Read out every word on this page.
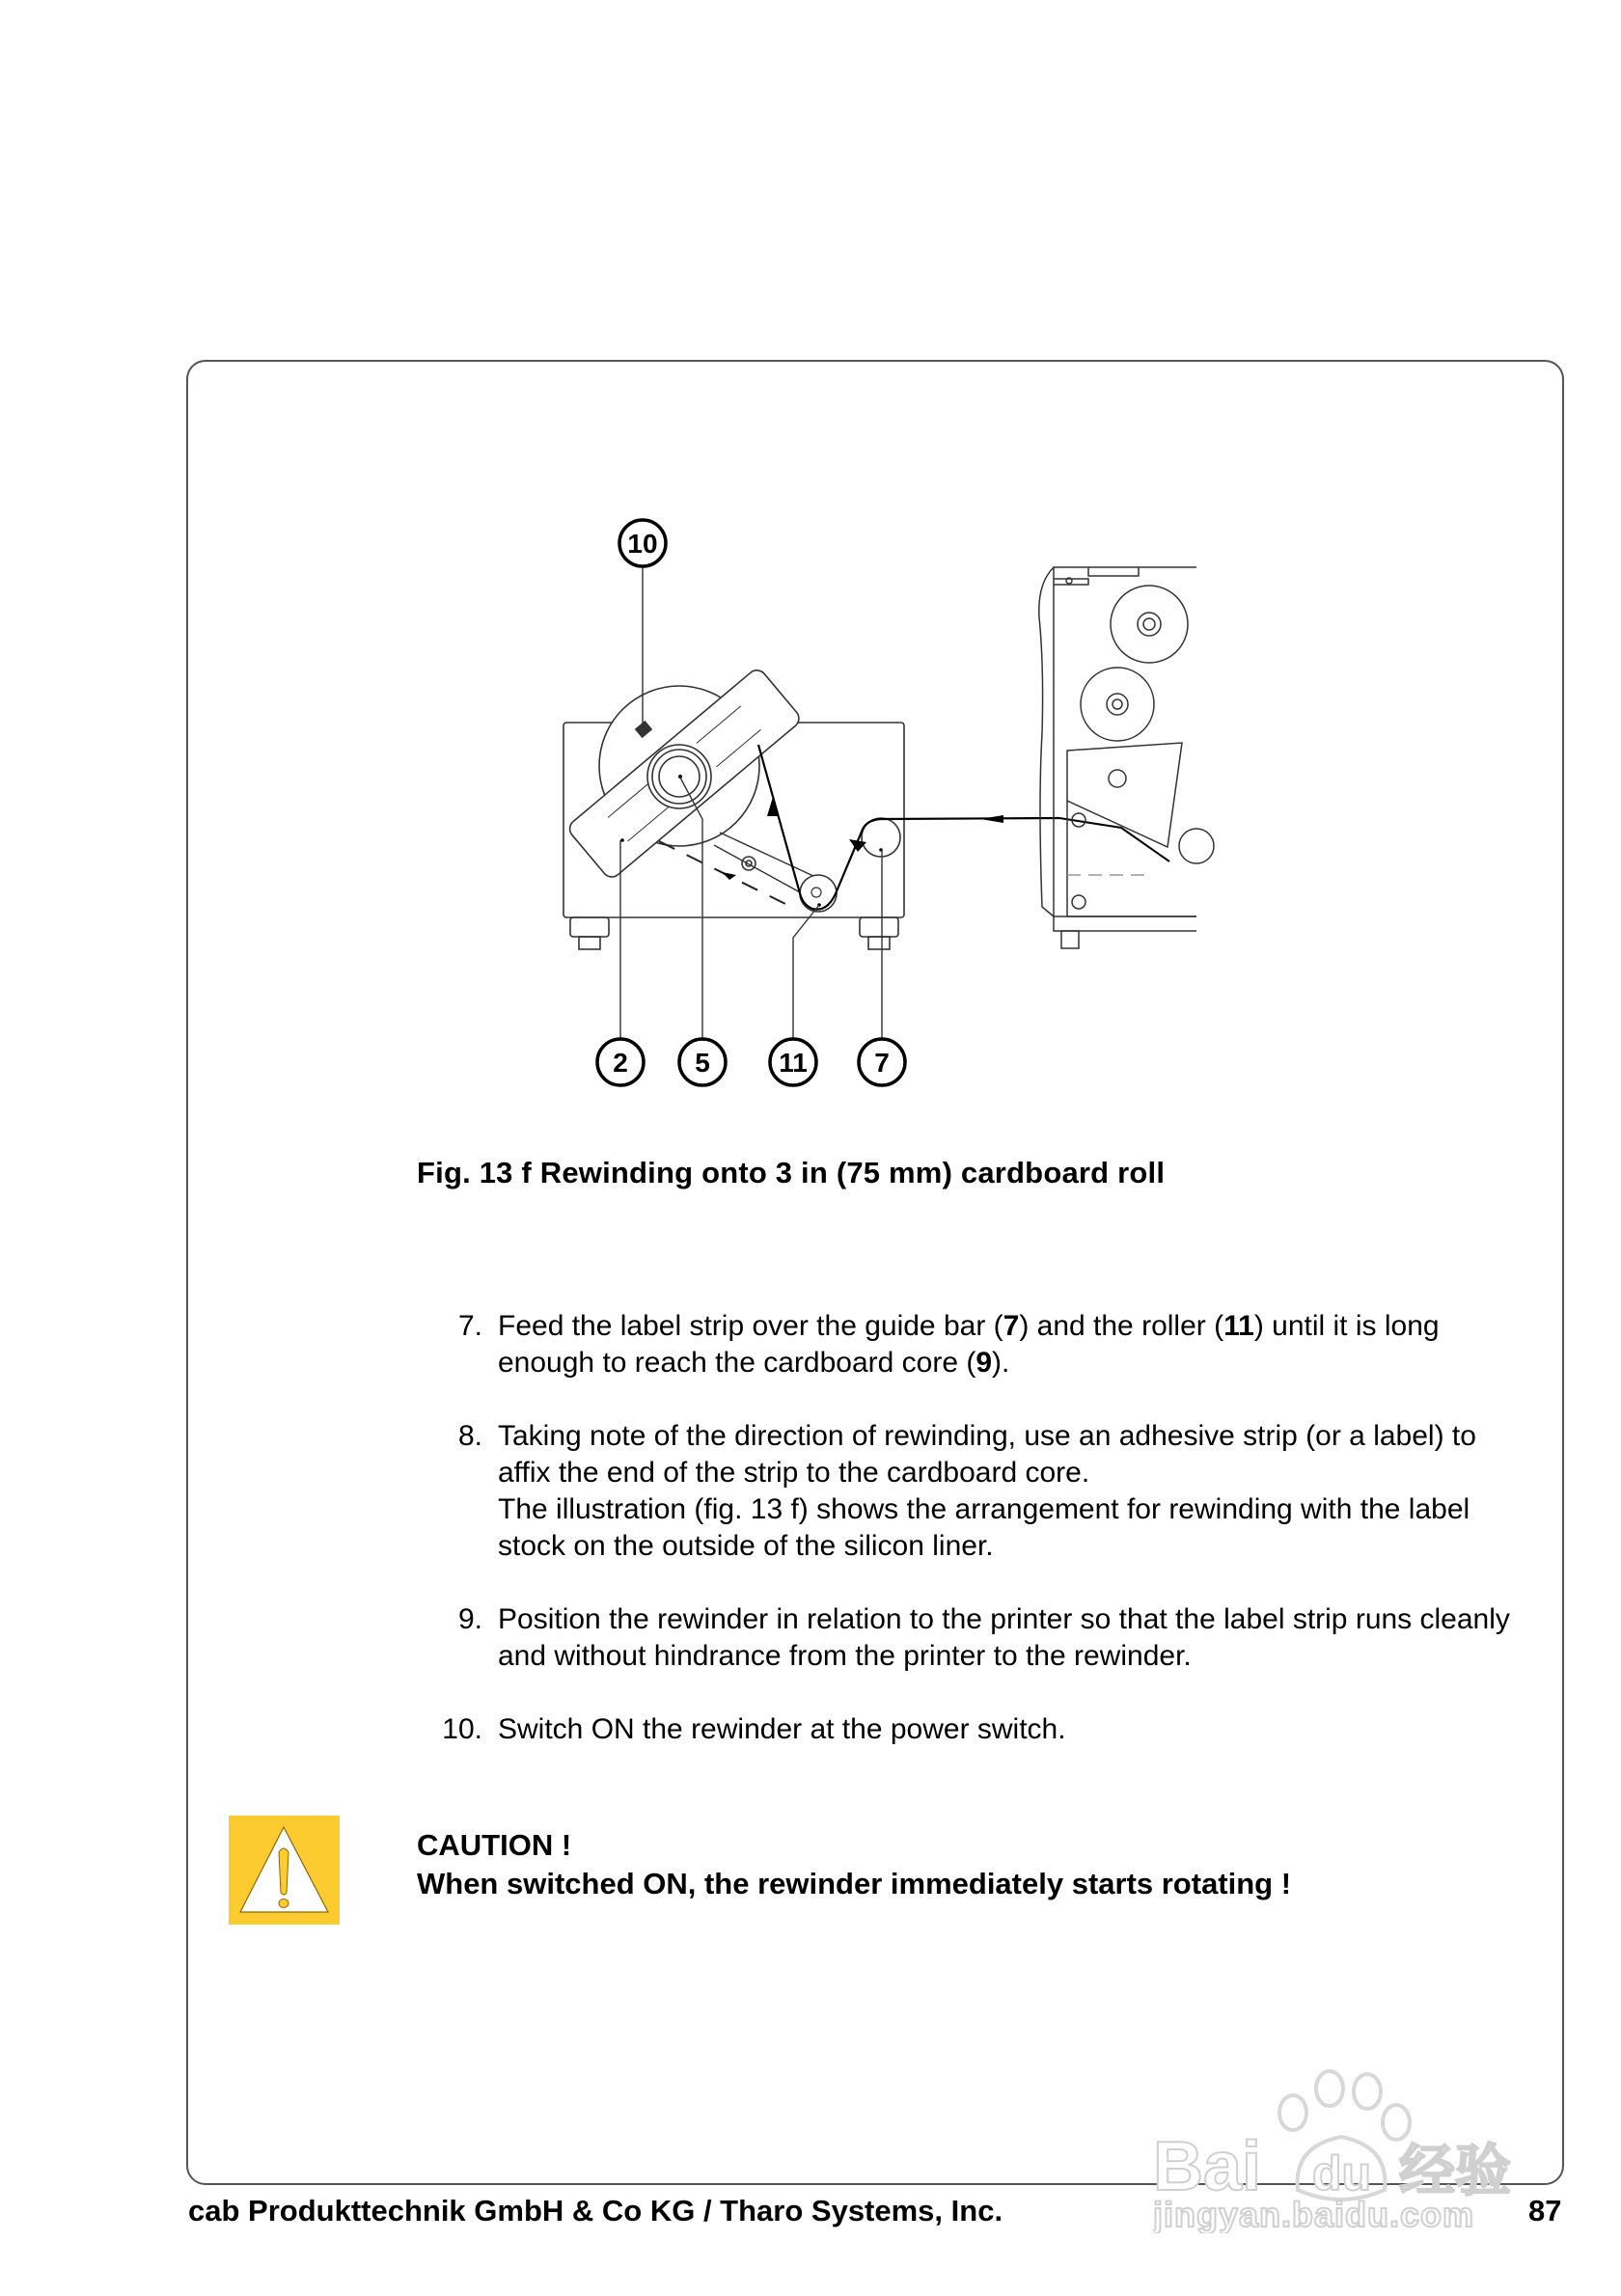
10
2 5	11 7
Fig. 13 f Rewinding onto 3 in (75 mm) cardboard roll
7. Feed the label strip over the guide bar (7) and the roller (11) until it is long enough to reach the cardboard core (9).

8. Taking note of the direction of rewinding, use an adhesive strip (or a label) to affix the end of the strip to the cardboard core.

The illustration (fig. 13 f) shows the arrangement for rewinding with the label stock on the outside of the silicon liner.

9. Position the rewinder in relation to the printer so that the label strip runs cleanly and without hindrance from the printer to the rewinder.

10. Switch ON the rewinder at the power switch.

CAUTION !
When switched ON, the rewinder immediately starts rotating !
Bai du 经验
jingyan.baidu.com
cab Produkttechnik GmbH & Co KG / Tharo Systems, Inc.	87
